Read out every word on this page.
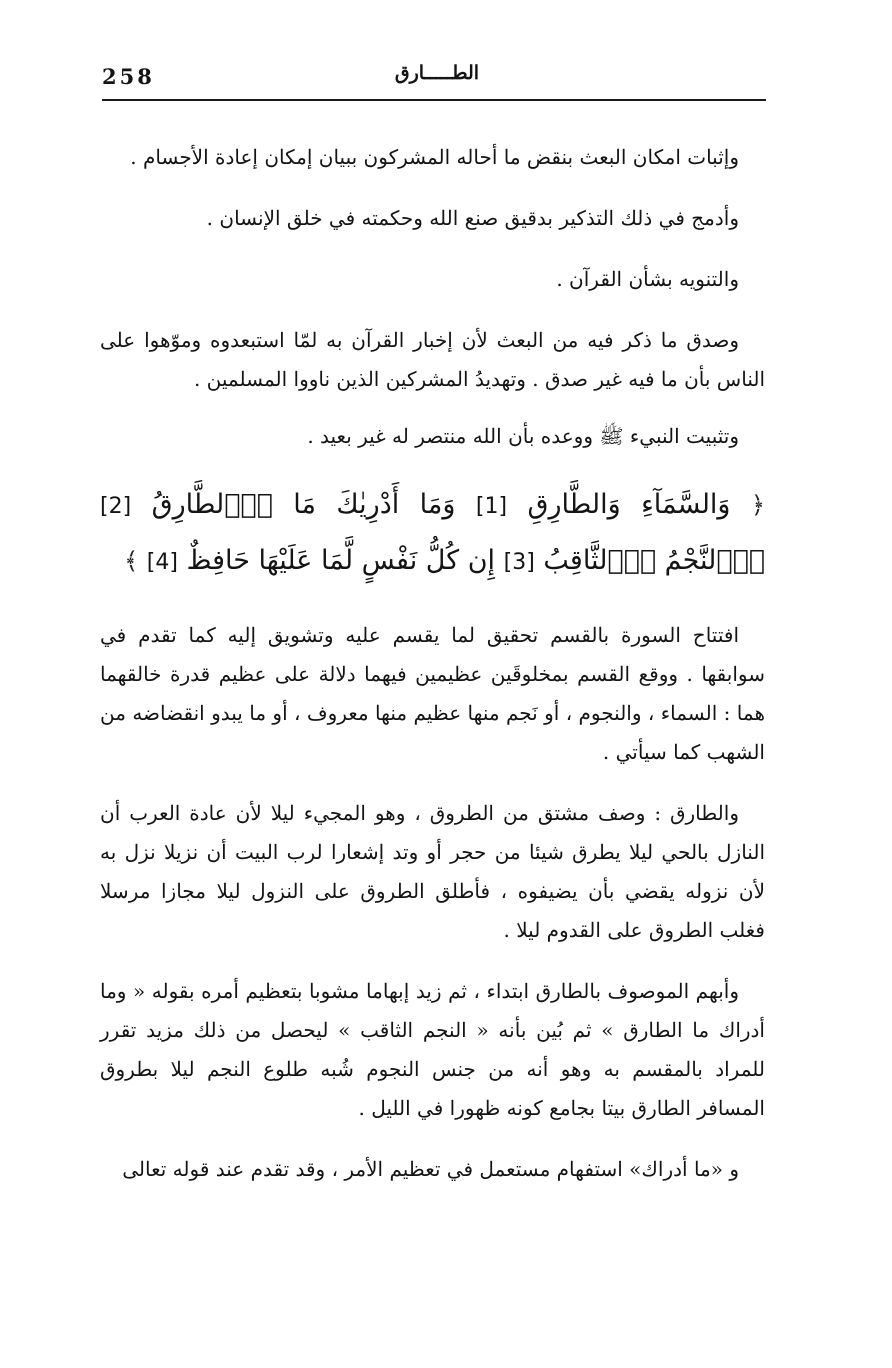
258	الطـــــارق

وإثبات امكان البعث بنقض ما أحاله المشركون ببيان إمكان إعادة الأجسام .

وأدمج في ذلك التذكير بدقيق صنع الله وحكمته في خلق الإنسان .

والتنويه بشأن القرآن .

وصدق ما ذكر فيه من البعث لأن إخبار القرآن به لمّا استبعدوه وموّهوا على الناس بأن ما فيه غير صدق . وتهديدُ المشركين الذين ناووا المسلمين .

وتثبيت النبيء ﷺ ووعده بأن الله منتصر له غير بعيد .

﴿ وَالسَّمَآءِ وَالطَّارِقِ [1] وَمَا أَدْرِيٰكَ مَا اَ۬لطَّارِقُ [2] اُ۬لنَّجْمُ اُ۬لثَّاقِبُ [3] إِن كُلُّ نَفْسٍ لَّمَا عَلَيْهَا حَافِظٌ [4] ﴾

افتتاح السورة بالقسم تحقيق لما يقسم عليه وتشويق إليه كما تقدم في سوابقها . ووقع القسم بمخلوقَين عظيمين فيهما دلالة على عظيم قدرة خالقهما هما : السماء ، والنجوم ، أو نَجم منها عظيم منها معروف ، أو ما يبدو انقضاضه من الشهب كما سيأتي .

والطارق : وصف مشتق من الطروق ، وهو المجيء ليلا لأن عادة العرب أن النازل بالحي ليلا يطرق شيئا من حجر أو وتد إشعارا لرب البيت أن نزيلا نزل به لأن نزوله يقضي بأن يضيفوه ، فأطلق الطروق على النزول ليلا مجازا مرسلا فغلب الطروق على القدوم ليلا .

وأبهم الموصوف بالطارق ابتداء ، ثم زيد إبهاما مشوبا بتعظيم أمره بقوله « وما أدراك ما الطارق » ثم بُين بأنه « النجم الثاقب » ليحصل من ذلك مزيد تقرر للمراد بالمقسم به وهو أنه من جنس النجوم شُبه طلوع النجم ليلا بطروق المسافر الطارق بيتا بجامع كونه ظهورا في الليل .

و «ما أدراك» استفهام مستعمل في تعظيم الأمر ، وقد تقدم عند قوله تعالى
